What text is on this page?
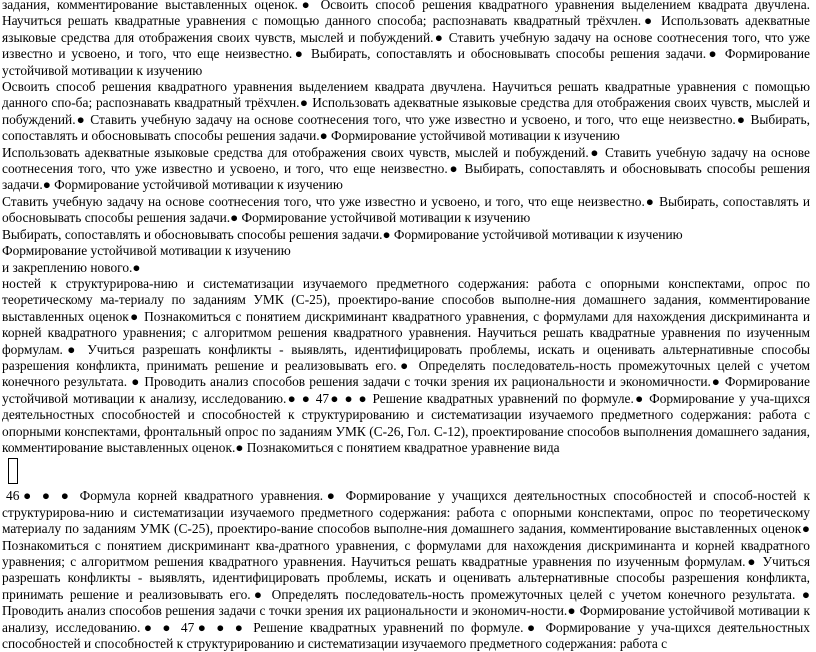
задания, комментирование выставленных оценок.● Освоить способ решения квадратного уравнения выделением квадрата двучлена. Научиться решать квадратные уравнения с помощью данного способа; распознавать квадратный трёхчлен.● Использовать адекватные языковые средства для отображения своих чувств, мыслей и побуждений.● Ставить учебную задачу на основе соотнесения того, что уже известно и усвоено, и того, что еще неизвестно.● Выбирать, сопоставлять и обосновывать способы решения задачи.● Формирование устойчивой мотивации к изучению

Освоить способ решения квадратного уравнения выделением квадрата двучлена. Научиться решать квадратные уравнения с помощью данного спо-ба; распознавать квадратный трёхчлен.● Использовать адекватные языковые средства для отображения своих чувств, мыслей и побуждений.● Ставить учебную задачу на основе соотнесения того, что уже известно и усвоено, и того, что еще неизвестно.● Выбирать, сопоставлять и обосновывать способы решения задачи.● Формирование устойчивой мотивации к изучению

Использовать адекватные языковые средства для отображения своих чувств, мыслей и побуждений.● Ставить учебную задачу на основе соотнесения того, что уже известно и усвоено, и того, что еще неизвестно.● Выбирать, сопоставлять и обосновывать способы решения задачи.● Формирование устойчивой мотивации к изучению

Ставить учебную задачу на основе соотнесения того, что уже известно и усвоено, и того, что еще неизвестно.● Выбирать, сопоставлять и обосновывать способы решения задачи.● Формирование устойчивой мотивации к изучению

Выбирать, сопоставлять и обосновывать способы решения задачи.● Формирование устойчивой мотивации к изучению

Формирование устойчивой мотивации к изучению

и закреплению нового.●

ностей к структурирова-нию и систематизации изучаемого предметного содержания: работа с опорными конспектами, опрос по теоретическому ма-териалу по заданиям УМК (С-25), проектиро-вание способов выполне-ния домашнего задания, комментирование выставленных оценок● Познакомиться с понятием дискриминант квадратного уравнения, с формулами для нахождения дискриминанта и корней квадратного уравнения; с алгоритмом решения квадратного уравнения. Научиться решать квадратные уравнения по изученным формулам.● Учиться разрешать конфликты - выявлять, идентифицировать проблемы, искать и оценивать альтернативные способы разрешения конфликта, принимать решение и реализовывать его.● Определять последователь-ность промежуточных целей с учетом конечного результата. ● Проводить анализ способов решения задачи с точки зрения их рациональности и экономичности.● Формирование устойчивой мотивации к анализу, исследованию.● ● 47● ● ● Решение квадратных уравнений по формуле.● Формирование у уча-щихся деятельностных способностей и способностей к структурированию и систематизации изучаемого предметного содержания: работа с опорными конспектами, фронтальный опрос по заданиям УМК (С-26, Гол. С-12), проектирование способов выполнения домашнего задания, комментирование выставленных оценок.● Познакомиться с понятием квадратное уравнение вида

46● ● ● Формула корней квадратного уравнения.● Формирование у учащихся деятельностных способностей и способ-ностей к структурирова-нию и систематизации изучаемого предметного содержания: работа с опорными конспектами, опрос по теоретическому материалу по заданиям УМК (С-25), проектиро-вание способов выполне-ния домашнего задания, комментирование выставленных оценок● Познакомиться с понятием дискриминант ква-дратного уравнения, с формулами для нахождения дискриминанта и корней квадратного уравнения; с алгоритмом решения квадратного уравнения. Научиться решать квадратные уравнения по изученным формулам.● Учиться разрешать конфликты - выявлять, идентифицировать проблемы, искать и оценивать альтернативные способы разрешения конфликта, принимать решение и реализовывать его.● Определять последователь-ность промежуточных целей с учетом конечного результата. ● Проводить анализ способов решения задачи с точки зрения их рациональности и экономич-ности.● Формирование устойчивой мотивации к анализу, исследованию.● ● 47● ● ● Решение квадратных уравнений по формуле.● Формирование у уча-щихся деятельностных способностей и способностей к структурированию и систематизации изучаемого предметного содержания: работа с
